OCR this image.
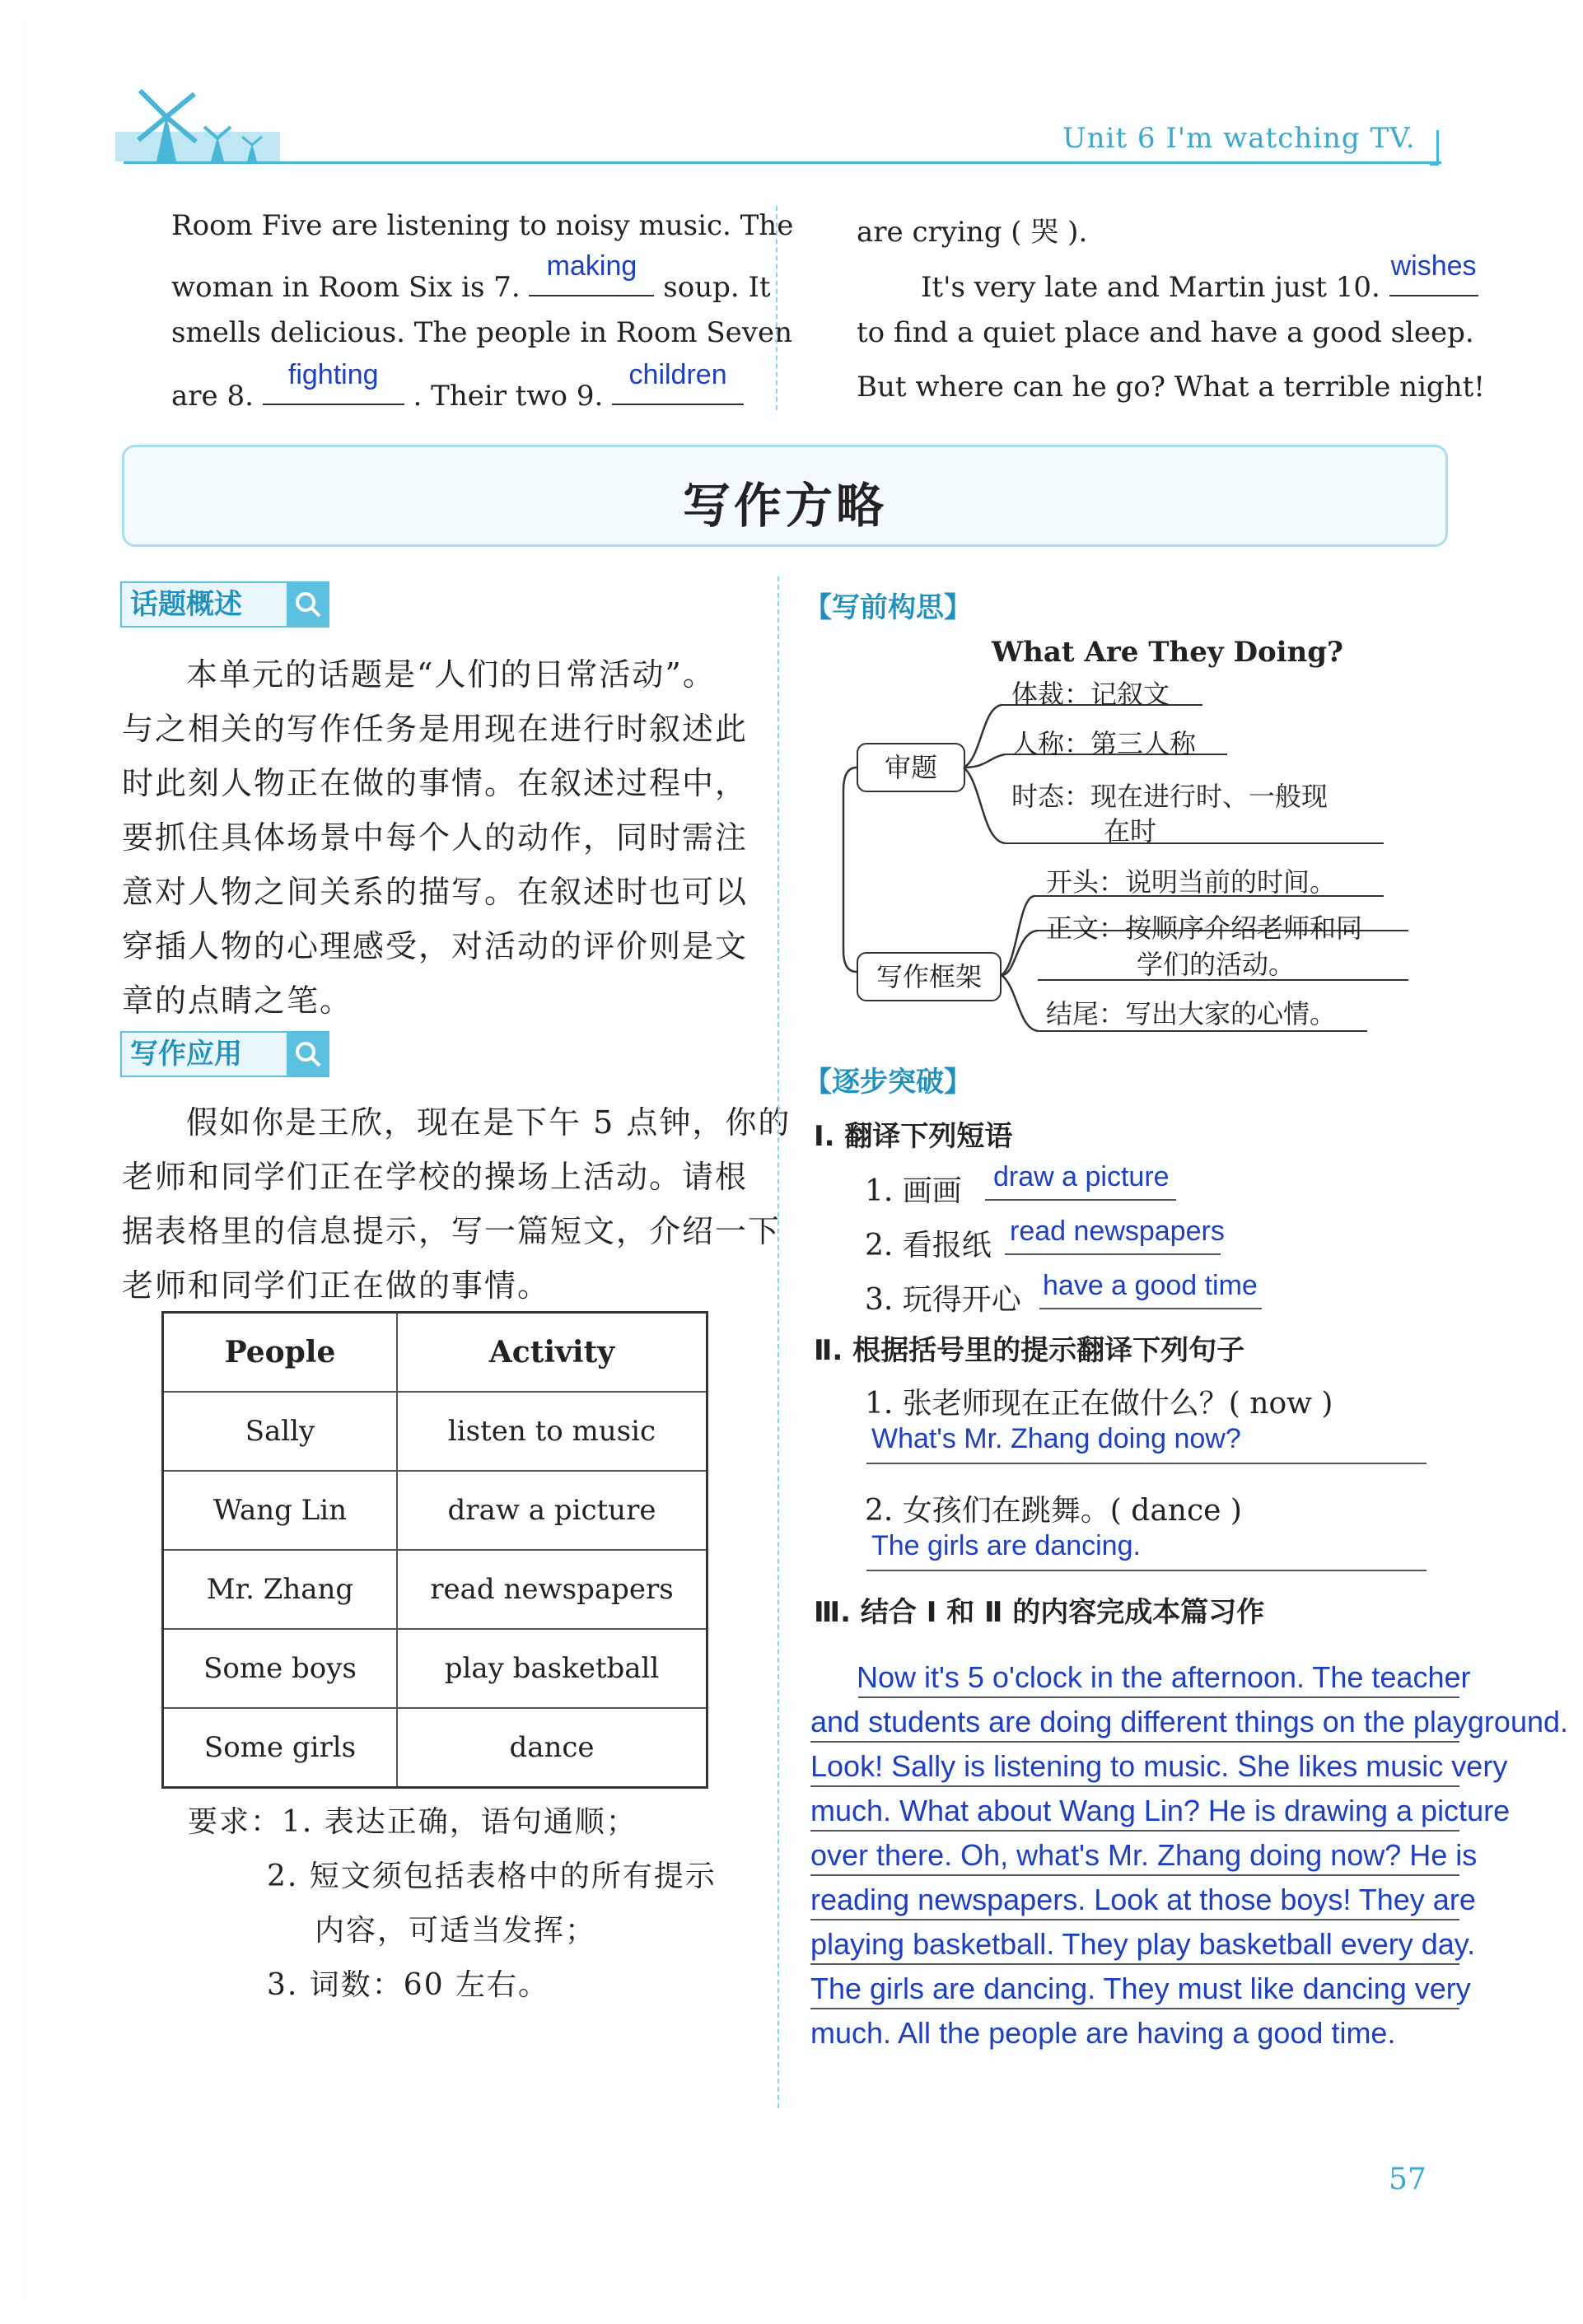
Unit 6 I'm watching TV.
Room Five are listening to noisy music. The
woman in Room Six is 7.
making
soup. It
smells delicious. The people in Room Seven
are 8.
fighting
. Their two 9.
children
are crying ( 哭 ).
It's very late and Martin just 10.
wishes
to find a quiet place and have a good sleep.
But where can he go? What a terrible night!
写作方略
话题概述
本单元的话题是“人们的日常活动”。
与之相关的写作任务是用现在进行时叙述此
时此刻人物正在做的事情。在叙述过程中，
要抓住具体场景中每个人的动作，同时需注
意对人物之间关系的描写。在叙述时也可以
穿插人物的心理感受，对活动的评价则是文
章的点睛之笔。
写作应用
假如你是王欣，现在是下午 5 点钟，你的
老师和同学们正在学校的操场上活动。请根
据表格里的信息提示，写一篇短文，介绍一下
老师和同学们正在做的事情。
People	Activity
Sally	listen to music
Wang Lin	draw a picture
Mr. Zhang	read newspapers
Some boys	play basketball
Some girls	dance
要求：1. 表达正确，语句通顺；
2. 短文须包括表格中的所有提示
内容，可适当发挥；
3. 词数：60 左右。
【写前构思】
What Are They Doing?
审题
写作框架
体裁：记叙文
人称：第三人称
时态：现在进行时、一般现
在时
开头：说明当前的时间。
正文：按顺序介绍老师和同
学们的活动。
结尾：写出大家的心情。
【逐步突破】
Ⅰ. 翻译下列短语
1. 画画 draw a picture
2. 看报纸 read newspapers
3. 玩得开心 have a good time
Ⅱ. 根据括号里的提示翻译下列句子
1. 张老师现在正在做什么？( now )
What's Mr. Zhang doing now?
2. 女孩们在跳舞。( dance )
The girls are dancing.
Ⅲ. 结合 Ⅰ 和 Ⅱ 的内容完成本篇习作
Now it's 5 o'clock in the afternoon. The teacher
and students are doing different things on the playground.
Look! Sally is listening to music. She likes music very
much. What about Wang Lin? He is drawing a picture
over there. Oh, what's Mr. Zhang doing now? He is
reading newspapers. Look at those boys! They are
playing basketball. They play basketball every day.
The girls are dancing. They must like dancing very
much. All the people are having a good time.
57
